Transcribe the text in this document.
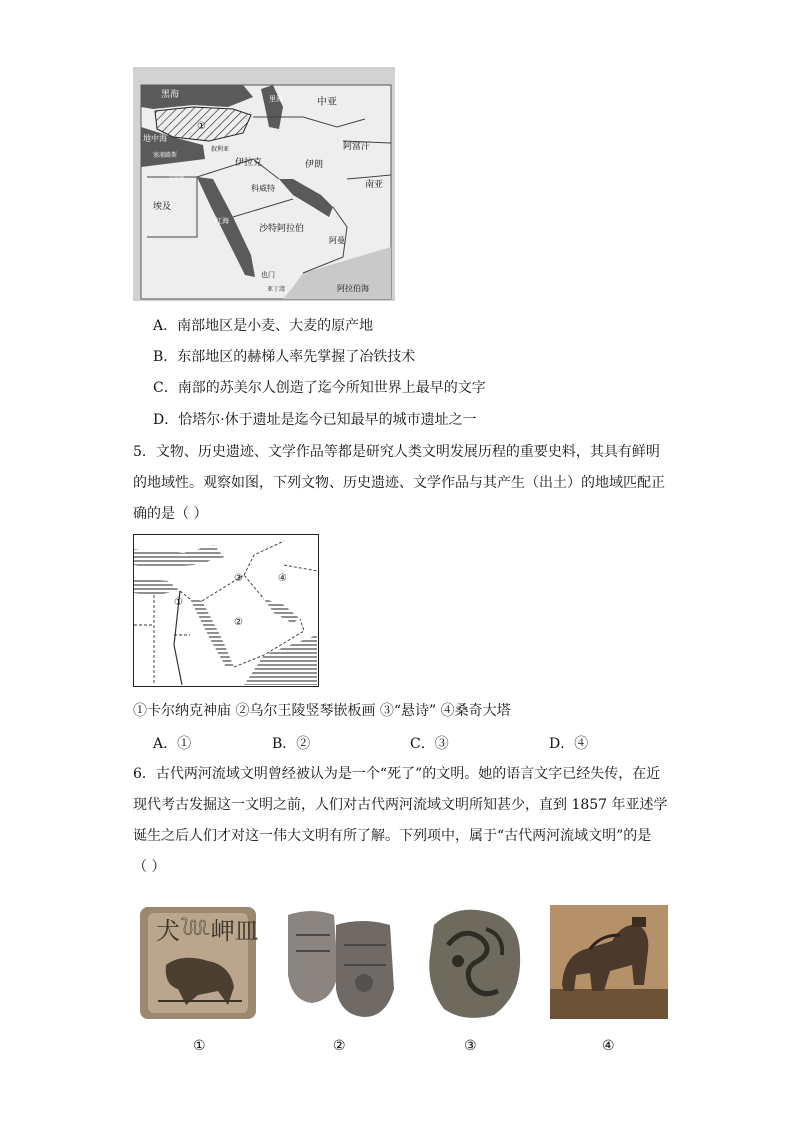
黑海
中亚
里海
地中海
①
塞浦路斯
叙利亚
伊拉克	伊朗
阿富汗
科威特
埃及
沙特阿拉伯
红海
阿曼
南亚
也门
阿拉伯海
亚丁湾
以色列
A．南部地区是小麦、大麦的原产地
B．东部地区的赫梯人率先掌握了冶铁技术
C．南部的苏美尔人创造了迄今所知世界上最早的文字
D．恰塔尔·休于遗址是迄今已知最早的城市遗址之一
5．文物、历史遗迹、文学作品等都是研究人类文明发展历程的重要史料，其具有鲜明
的地域性。观察如图，下列文物、历史遗迹、文学作品与其产生（出土）的地域匹配正
确的是（ ）
③	④
①
②
①卡尔纳克神庙 ②乌尔王陵竖琴嵌板画 ③“悬诗” ④桑奇大塔
A．①	B．②	C．③	D．④
6．古代两河流域文明曾经被认为是一个“死了”的文明。她的语言文字已经失传，在近
现代考古发掘这一文明之前，人们对古代两河流域文明所知甚少，直到 1857 年亚述学
诞生之后人们才对这一伟大文明有所了解。下列项中，属于“古代两河流域文明”的是
（ ）
犬𓆙岬皿
①	②	③	④
